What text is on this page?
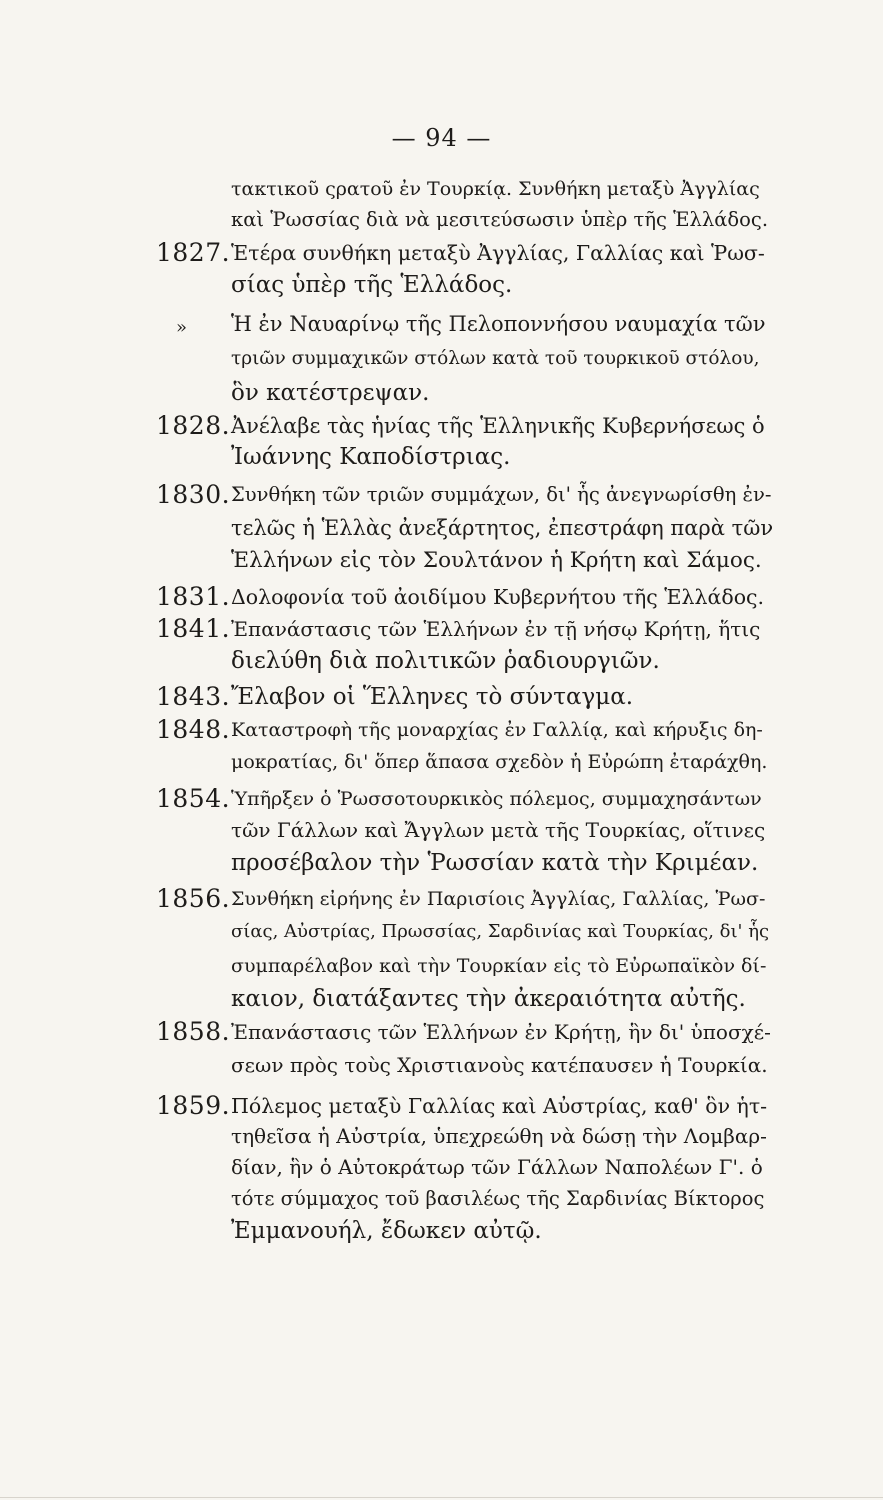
— 94 —
τακτικοῦ ςρατοῦ ἐν Τουρκίᾳ. Συνθήκη μεταξὺ Ἀγγλίας
καὶ Ῥωσσίας διὰ νὰ μεσιτεύσωσιν ὑπὲρ τῆς Ἑλλάδος.
1827. Ἑτέρα συνθήκη μεταξὺ Ἀγγλίας, Γαλλίας καὶ Ῥωσ-
σίας ὑπὲρ τῆς Ἑλλάδος.
» Ἡ ἐν Ναυαρίνῳ τῆς Πελοποννήσου ναυμαχία τῶν
τριῶν συμμαχικῶν στόλων κατὰ τοῦ τουρκικοῦ στόλου,
ὃν κατέστρεψαν.
1828. Ἀνέλαβε τὰς ἡνίας τῆς Ἑλληνικῆς Κυβερνήσεως ὁ
Ἰωάννης Καποδίστριας.
1830. Συνθήκη τῶν τριῶν συμμάχων, δι' ἧς ἀνεγνωρίσθη ἐν-
τελῶς ἡ Ἑλλὰς ἀνεξάρτητος, ἐπεστράφη παρὰ τῶν
Ἑλλήνων εἰς τὸν Σουλτάνον ἡ Κρήτη καὶ Σάμος.
1831. Δολοφονία τοῦ ἀοιδίμου Κυβερνήτου τῆς Ἑλλάδος.
1841. Ἐπανάστασις τῶν Ἑλλήνων ἐν τῇ νήσῳ Κρήτῃ, ἥτις
διελύθη διὰ πολιτικῶν ῥαδιουργιῶν.
1843. Ἔλαβον οἱ Ἕλληνες τὸ σύνταγμα.
1848. Καταστροφὴ τῆς μοναρχίας ἐν Γαλλίᾳ, καὶ κήρυξις δη-
μοκρατίας, δι' ὅπερ ἅπασα σχεδὸν ἡ Εὐρώπη ἐταράχθη.
1854. Ὑπῆρξεν ὁ Ῥωσσοτουρκικὸς πόλεμος, συμμαχησάντων
τῶν Γάλλων καὶ Ἄγγλων μετὰ τῆς Τουρκίας, οἵτινες
προσέβαλον τὴν Ῥωσσίαν κατὰ τὴν Κριμέαν.
1856. Συνθήκη εἰρήνης ἐν Παρισίοις Ἀγγλίας, Γαλλίας, Ῥωσ-
σίας, Αὐστρίας, Πρωσσίας, Σαρδινίας καὶ Τουρκίας, δι' ἧς
συμπαρέλαβον καὶ τὴν Τουρκίαν εἰς τὸ Εὐρωπαϊκὸν δί-
καιον, διατάξαντες τὴν ἀκεραιότητα αὐτῆς.
1858. Ἐπανάστασις τῶν Ἑλλήνων ἐν Κρήτῃ, ἣν δι' ὑποσχέ-
σεων πρὸς τοὺς Χριστιανοὺς κατέπαυσεν ἡ Τουρκία.
1859. Πόλεμος μεταξὺ Γαλλίας καὶ Αὐστρίας, καθ' ὃν ἡτ-
τηθεῖσα ἡ Αὐστρία, ὑπεχρεώθη νὰ δώσῃ τὴν Λομβαρ-
δίαν, ἣν ὁ Αὐτοκράτωρ τῶν Γάλλων Ναπολέων Γ'. ὁ
τότε σύμμαχος τοῦ βασιλέως τῆς Σαρδινίας Βίκτορος
Ἐμμανουήλ, ἔδωκεν αὐτῷ.
